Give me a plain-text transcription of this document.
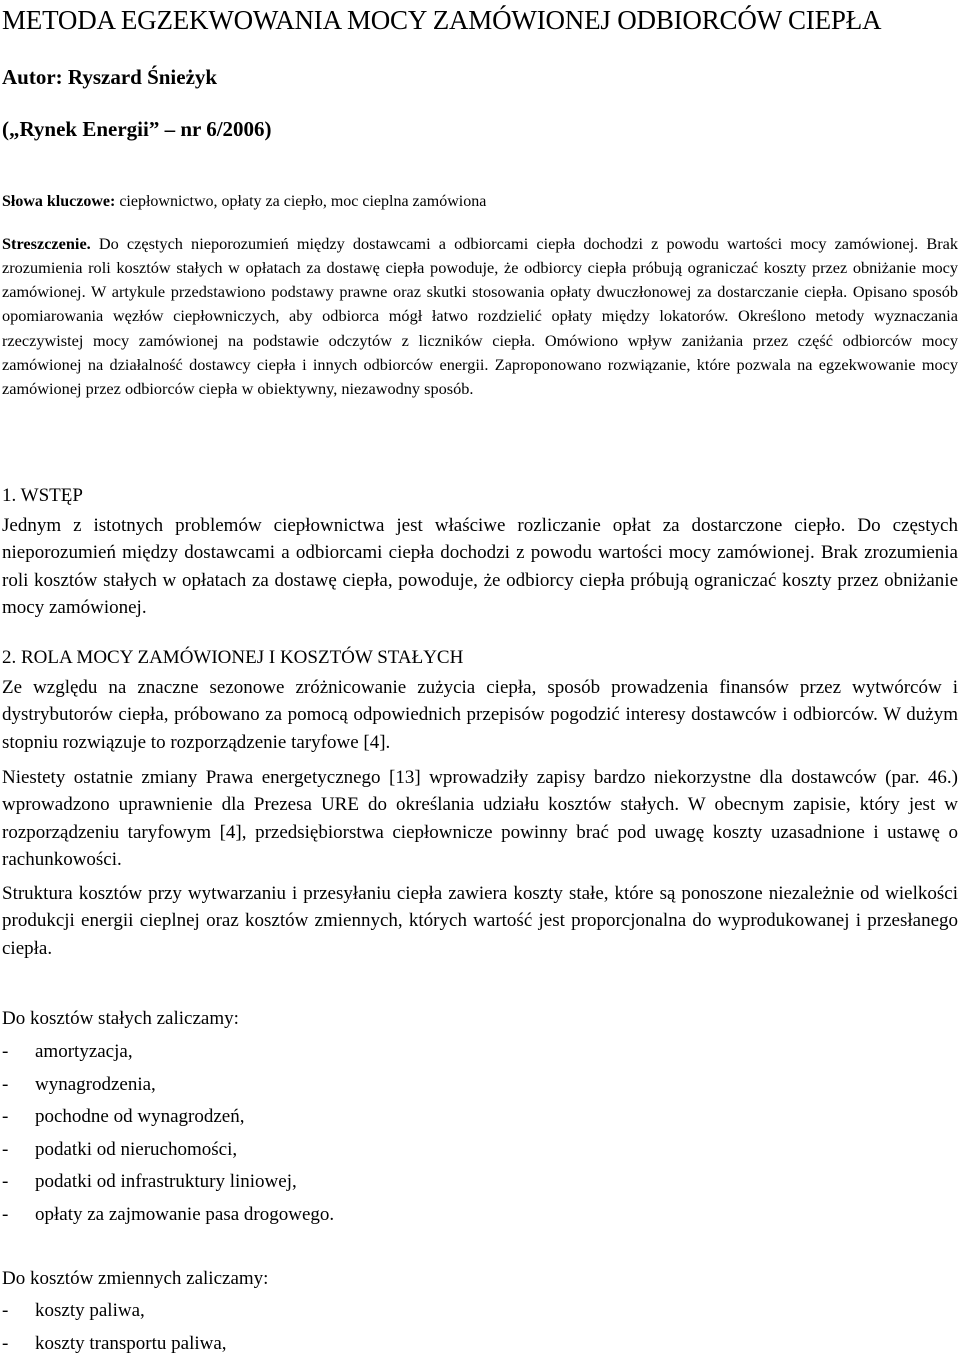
METODA EGZEKWOWANIA MOCY ZAMÓWIONEJ ODBIORCÓW CIEPŁA
Autor: Ryszard Śnieżyk
(„Rynek Energii” – nr 6/2006)
Słowa kluczowe: ciepłownictwo, opłaty za ciepło, moc cieplna zamówiona
Streszczenie. Do częstych nieporozumień między dostawcami a odbiorcami ciepła dochodzi z powodu wartości mocy zamówionej. Brak zrozumienia roli kosztów stałych w opłatach za dostawę ciepła powoduje, że odbiorcy ciepła próbują ograniczać koszty przez obniżanie mocy zamówionej. W artykule przedstawiono podstawy prawne oraz skutki stosowania opłaty dwuczłonowej za dostarczanie ciepła. Opisano sposób opomiarowania węzłów ciepłowniczych, aby odbiorca mógł łatwo rozdzielić opłaty między lokatorów. Określono metody wyznaczania rzeczywistej mocy zamówionej na podstawie odczytów z liczników ciepła. Omówiono wpływ zaniżania przez część odbiorców mocy zamówionej na działalność dostawcy ciepła i innych odbiorców energii. Zaproponowano rozwiązanie, które pozwala na egzekwowanie mocy zamówionej przez odbiorców ciepła w obiektywny, niezawodny sposób.
1. WSTĘP
Jednym z istotnych problemów ciepłownictwa jest właściwe rozliczanie opłat za dostarczone ciepło. Do częstych nieporozumień między dostawcami a odbiorcami ciepła dochodzi z powodu wartości mocy zamówionej. Brak zrozumienia roli kosztów stałych w opłatach za dostawę ciepła, powoduje, że odbiorcy ciepła próbują ograniczać koszty przez obniżanie mocy zamówionej.
2. ROLA MOCY ZAMÓWIONEJ I KOSZTÓW STAŁYCH
Ze względu na znaczne sezonowe zróżnicowanie zużycia ciepła, sposób prowadzenia finansów przez wytwórców i dystrybutorów ciepła, próbowano za pomocą odpowiednich przepisów pogodzić interesy dostawców i odbiorców. W dużym stopniu rozwiązuje to rozporządzenie taryfowe [4].
Niestety ostatnie zmiany Prawa energetycznego [13] wprowadziły zapisy bardzo niekorzystne dla dostawców (par. 46.) wprowadzono uprawnienie dla Prezesa URE do określania udziału kosztów stałych. W obecnym zapisie, który jest w rozporządzeniu taryfowym [4], przedsiębiorstwa ciepłownicze powinny brać pod uwagę koszty uzasadnione i ustawę o rachunkowości.
Struktura kosztów przy wytwarzaniu i przesyłaniu ciepła zawiera koszty stałe, które są ponoszone niezależnie od wielkości produkcji energii cieplnej oraz kosztów zmiennych, których wartość jest proporcjonalna do wyprodukowanej i przesłanego ciepła.
Do kosztów stałych zaliczamy:
- amortyzacja,
- wynagrodzenia,
- pochodne od wynagrodzeń,
- podatki od nieruchomości,
- podatki od infrastruktury liniowej,
- opłaty za zajmowanie pasa drogowego.
Do kosztów zmiennych zaliczamy:
- koszty paliwa,
- koszty transportu paliwa,
